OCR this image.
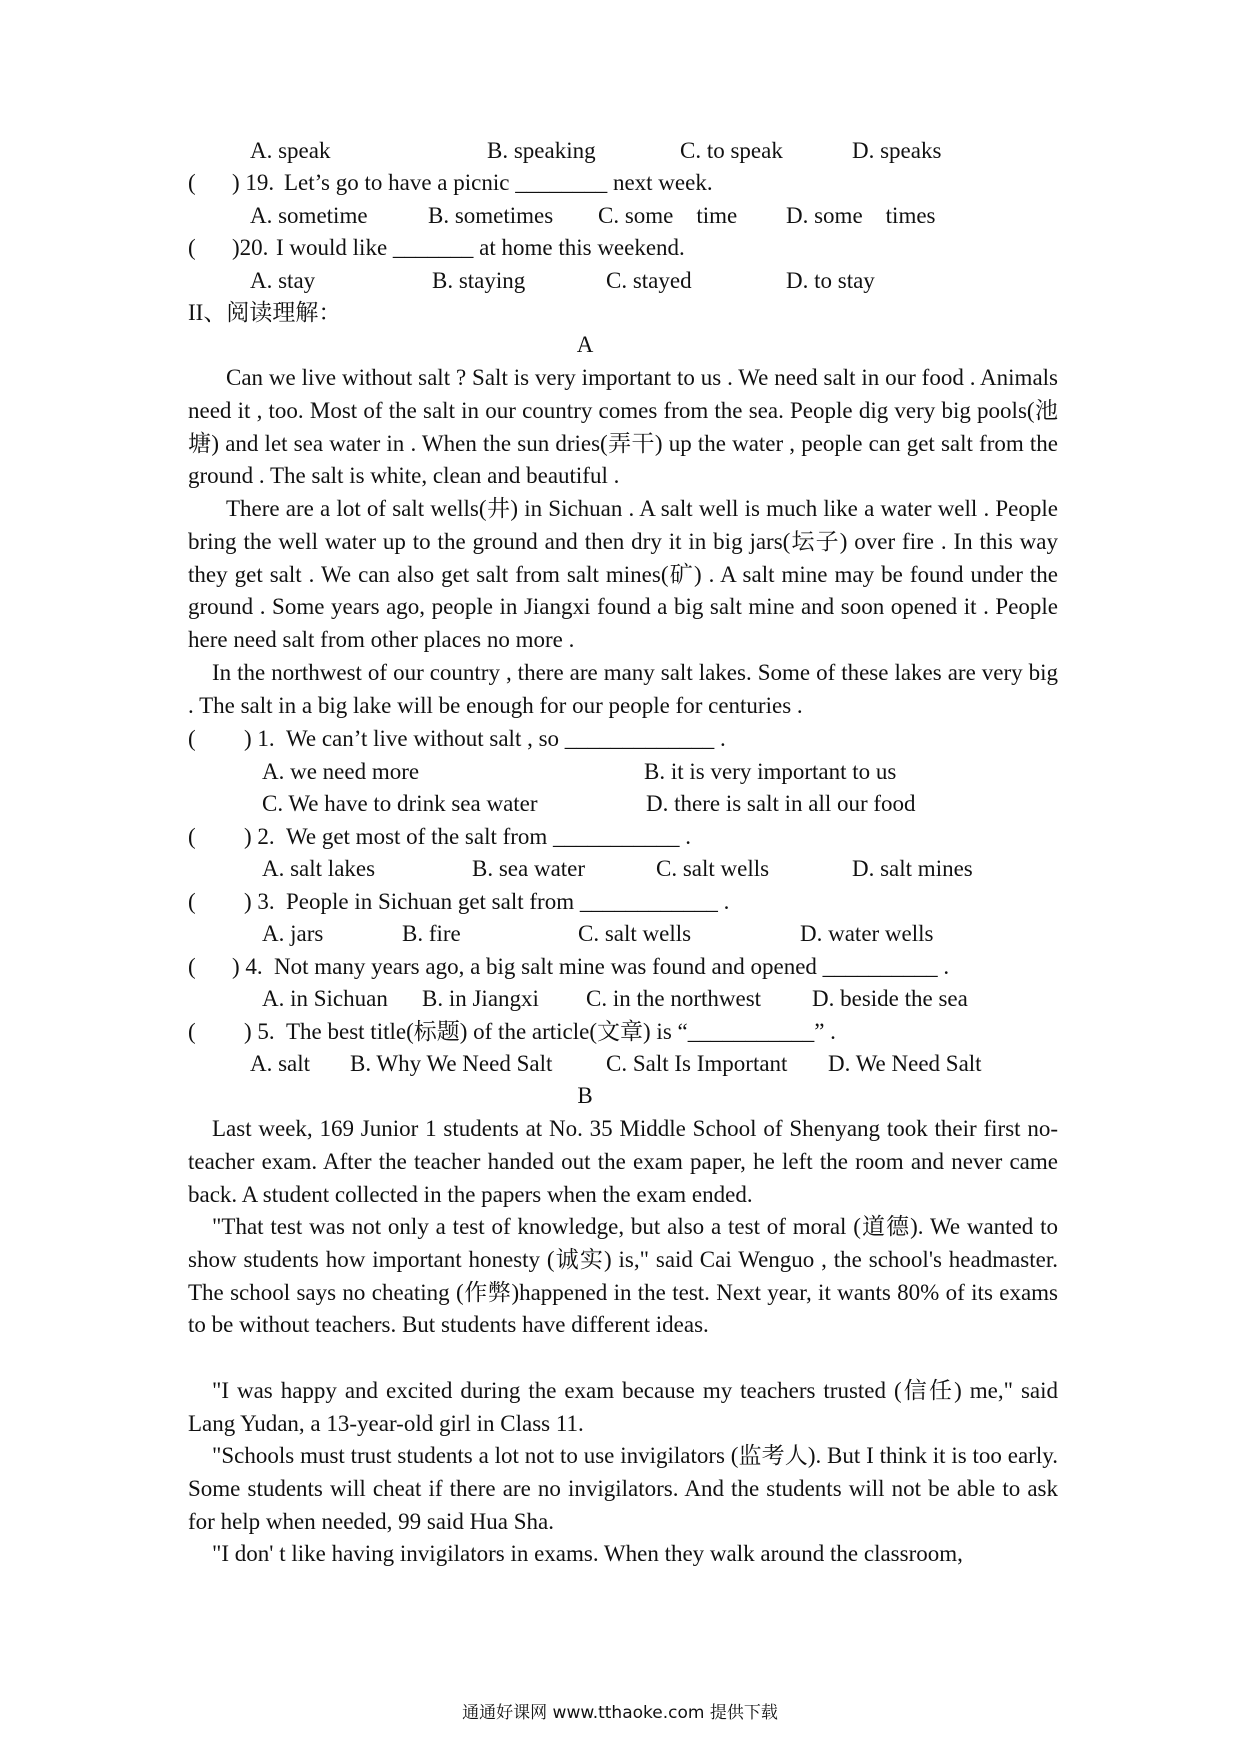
A. speak	B. speaking	C. to speak	D. speaks
( ) 19. Let’s go to have a picnic ________ next week.
A. sometime	B. sometimes C. some    time D. some    times
( )20. I would like _______ at home this weekend.
A. stay	B. staying	C. stayed	D. to stay
II、阅读理解：
A
Can we live without salt ? Salt is very important to us . We need salt in our food . Animals need it , too. Most of the salt in our country comes from the sea. People dig very big pools(池塘) and let sea water in . When the sun dries(弄干) up the water , people can get salt from the ground . The salt is white, clean and beautiful .
There are a lot of salt wells(井) in Sichuan . A salt well is much like a water well . People bring the well water up to the ground and then dry it in big jars(坛子) over fire . In this way they get salt . We can also get salt from salt mines(矿) . A salt mine may be found under the ground . Some years ago, people in Jiangxi found a big salt mine and soon opened it . People here need salt from other places no more .
In the northwest of our country , there are many salt lakes. Some of these lakes are very big . The salt in a big lake will be enough for our people for centuries .
( ) 1. We can’t live without salt , so _____________ .
A. we need more	B. it is very important to us
C. We have to drink sea water	D. there is salt in all our food
( ) 2. We get most of the salt from ___________ .
A. salt lakes	B. sea water	C. salt wells	D. salt mines
( ) 3. People in Sichuan get salt from ____________ .
A. jars	B. fire	C. salt wells	D. water wells
( ) 4. Not many years ago, a big salt mine was found and opened __________ .
A. in Sichuan B. in Jiangxi C. in the northwest D. beside the sea
( ) 5. The best title(标题) of the article(文章) is “___________” .
A. salt B. Why We Need Salt C. Salt Is Important D. We Need Salt
B
Last week, 169 Junior 1 students at No. 35 Middle School of Shenyang took their first no-teacher exam. After the teacher handed out the exam paper, he left the room and never came back. A student collected in the papers when the exam ended.
"That test was not only a test of knowledge, but also a test of moral (道德). We wanted to show students how important honesty (诚实) is," said Cai Wenguo , the school's headmaster. The school says no cheating (作弊)happened in the test. Next year, it wants 80% of its exams to be without teachers. But students have different ideas.
"I was happy and excited during the exam because my teachers trusted (信任) me," said Lang Yudan, a 13-year-old girl in Class 11.
"Schools must trust students a lot not to use invigilators (监考人). But I think it is too early. Some students will cheat if there are no invigilators. And the students will not be able to ask for help when needed, 99 said Hua Sha.
"I don' t like having invigilators in exams. When they walk around the classroom,
通通好课网 www.tthaoke.com 提供下载
